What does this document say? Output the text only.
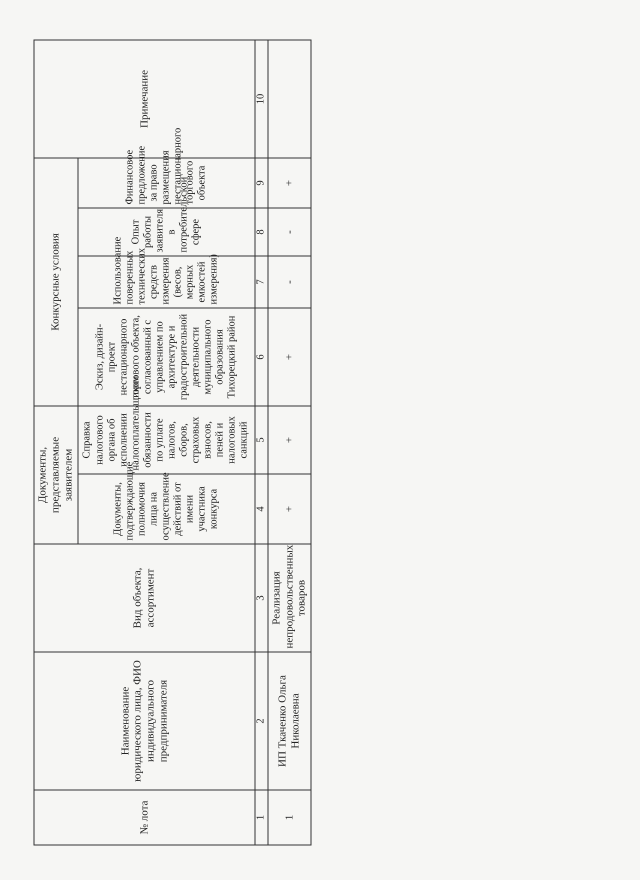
№ лота	Наименование юридического лица, ФИО индивидуального предпринимателя	Вид объекта, ассортимент	Документы, представляемые заявителем		Конкурсные условия				Примечание
			Документы, подтверждающие полномочия лица на осуществление действий от имени участника конкурса	Справка налогового органа об исполнении налогоплательщиком обязанности по уплате налогов, сборов, страховых взносов, пеней и налоговых санкций	Эскиз, дизайн-проект нестационарного торгового объекта, согласованный с управлением по архитектуре и градостроительной деятельности муниципального образования Тихорецкий район	Использование поверенных технических средств измерения (весов, мерных емкостей измерения)	Опыт работы заявителя в потребительской сфере	Финансовое предложение за право размещения нестационарного торгового объекта	
1	2	3	4	5	6	7	8	9	10
1	ИП Ткаченко Ольга Николаевна	Реализация непродовольственных товаров	+	+	+	-	-	+	
